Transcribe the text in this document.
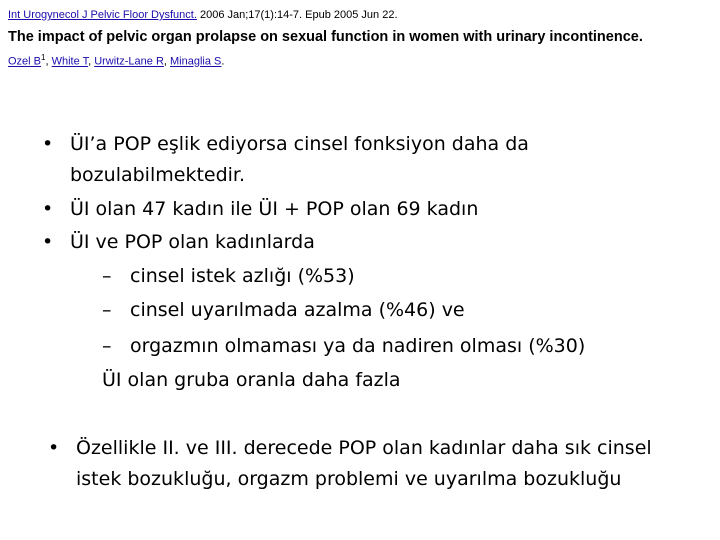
Int Urogynecol J Pelvic Floor Dysfunct. 2006 Jan;17(1):14-7. Epub 2005 Jun 22.
The impact of pelvic organ prolapse on sexual function in women with urinary incontinence.
Ozel $B^1$, White T, Urwitz-Lane R, Minaglia S.
• ÜI’a POP eşlik ediyorsa cinsel fonksiyon daha da
bozulabilmektedir.
• ÜI olan 47 kadın ile ÜI + POP olan 69 kadın
• ÜI ve POP olan kadınlarda
– cinsel istek azlığı (%53)
– cinsel uyarılmada azalma (%46) ve
– orgazmın olmaması ya da nadiren olması (%30)
ÜI olan gruba oranla daha fazla
• Özellikle II. ve III. derecede POP olan kadınlar daha sık cinsel
istek bozukluğu, orgazm problemi ve uyarılma bozukluğu
